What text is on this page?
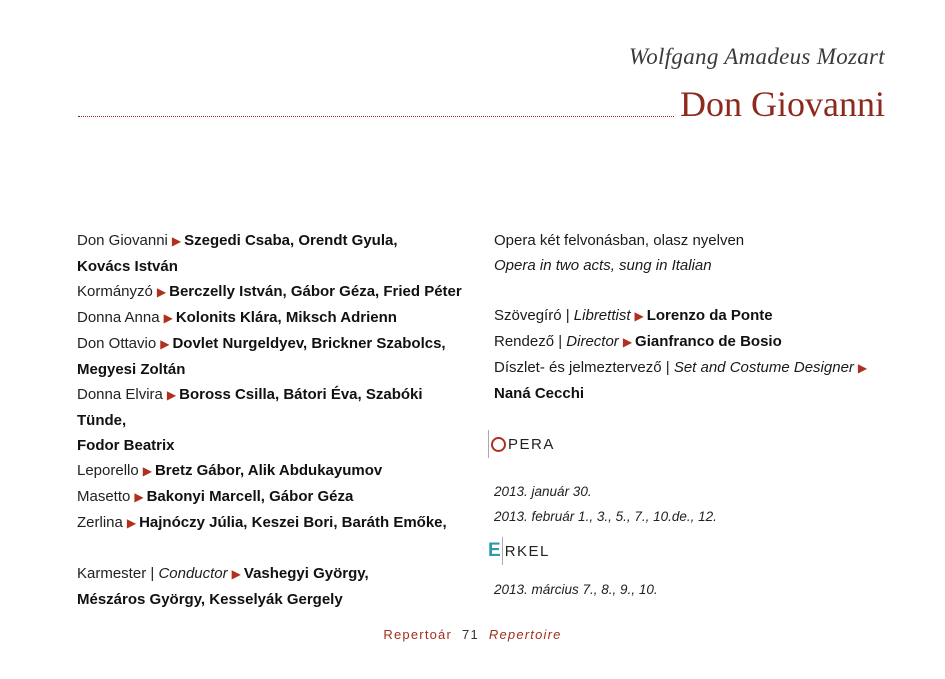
Wolfgang Amadeus Mozart
Don Giovanni
Don Giovanni ▶ Szegedi Csaba, Orendt Gyula,
Kovács István
Kormányzó ▶ Berczelly István, Gábor Géza, Fried Péter
Donna Anna ▶ Kolonits Klára, Miksch Adrienn
Don Ottavio ▶ Dovlet Nurgeldyev, Brickner Szabolcs,
Megyesi Zoltán
Donna Elvira ▶ Boross Csilla, Bátori Éva, Szabóki Tünde,
Fodor Beatrix
Leporello ▶ Bretz Gábor, Alik Abdukayumov
Masetto ▶ Bakonyi Marcell, Gábor Géza
Zerlina ▶ Hajnóczy Júlia, Keszei Bori, Baráth Emőke,
Karmester | Conductor ▶ Vashegyi György,
Mészáros György, Kesselyák Gergely
Opera két felvonásban, olasz nyelven
Opera in two acts, sung in Italian
Szövegíró | Librettist ▶ Lorenzo da Ponte
Rendező | Director ▶ Gianfranco de Bosio
Díszlet- és jelmeztervező | Set and Costume Designer ▶
Naná Cecchi
PERA
2013. január 30.
2013. február 1., 3., 5., 7., 10.de., 12.
E RKEL
2013. március 7., 8., 9., 10.
Repertoár 71 Repertoire
